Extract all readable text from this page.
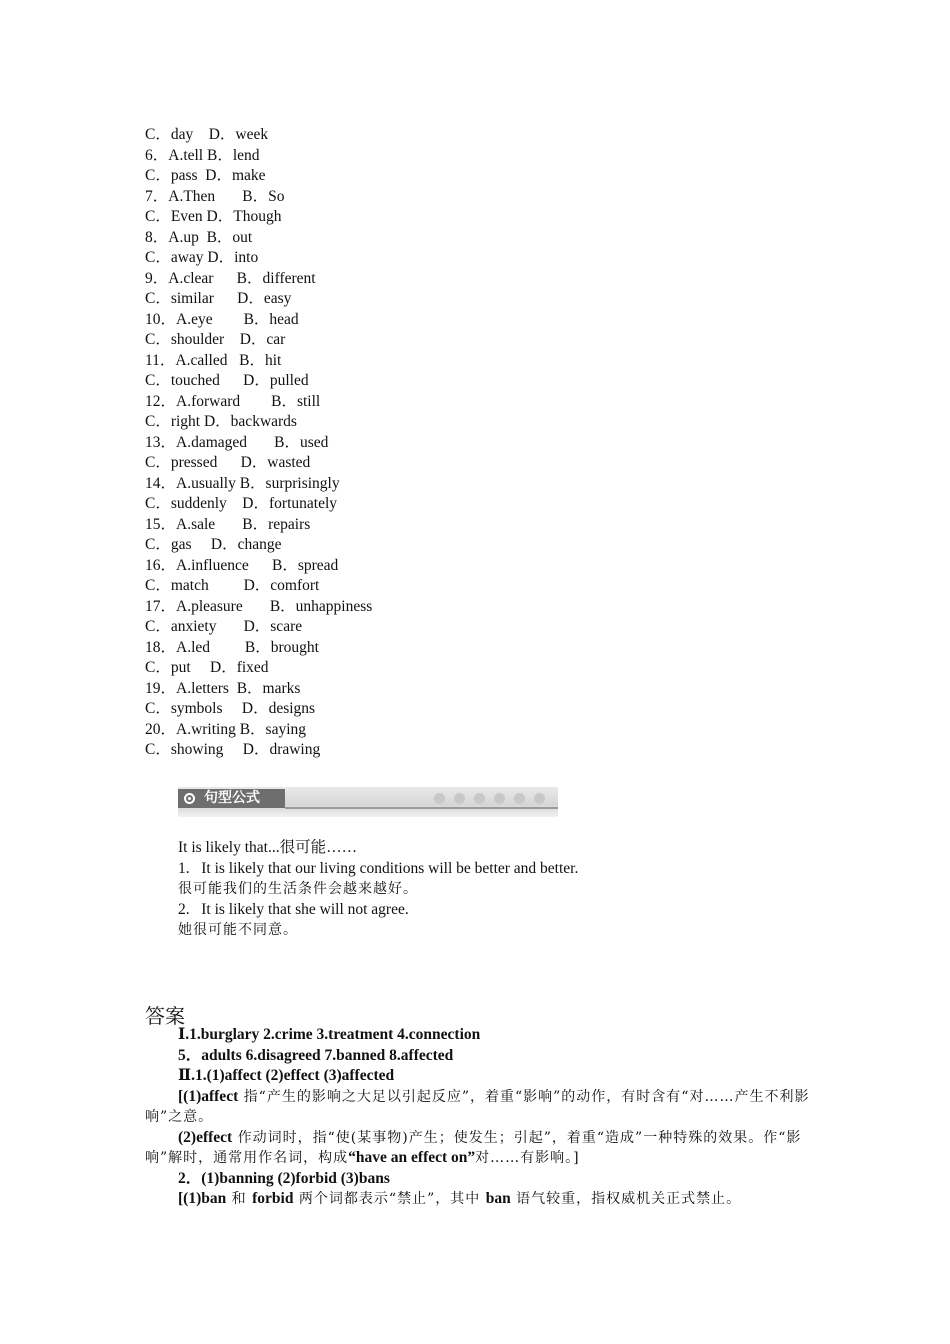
C．day    D．week
6．A.tell B．lend
C．pass  D．make
7．A.Then       B．So
C．Even D．Though
8．A.up  B．out
C．away D．into
9．A.clear      B．different
C．similar      D．easy
10．A.eye        B．head
C．shoulder    D．car
11．A.called   B．hit
C．touched      D．pulled
12．A.forward        B．still
C．right D．backwards
13．A.damaged       B．used
C．pressed      D．wasted
14．A.usually B．surprisingly
C．suddenly    D．fortunately
15．A.sale       B．repairs
C．gas     D．change
16．A.influence      B．spread
C．match         D．comfort
17．A.pleasure       B．unhappiness
C．anxiety       D．scare
18．A.led         B．brought
C．put     D．fixed
19．A.letters  B．marks
C．symbols     D．designs
20．A.writing B．saying
C．showing     D．drawing
句型公式
It is likely that...很可能……
1.   It is likely that our living conditions will be better and better.
很可能我们的生活条件会越来越好。
2.   It is likely that she will not agree.
她很可能不同意。
答案
Ⅰ.1.burglary 2.crime 3.treatment 4.connection
5．adults 6.disagreed 7.banned 8.affected
Ⅱ.1.(1)affect (2)effect (3)affected
[(1)affect 指“产生的影响之大足以引起反应”，着重“影响”的动作，有时含有“对……产生不利影响”之意。
(2)effect 作动词时，指“使(某事物)产生；使发生；引起”，着重“造成”一种特殊的效果。作“影响”解时，通常用作名词，构成“have an effect on”对……有影响。]
2．(1)banning (2)forbid (3)bans
[(1)ban 和 forbid 两个词都表示“禁止”，其中 ban 语气较重，指权威机关正式禁止。
